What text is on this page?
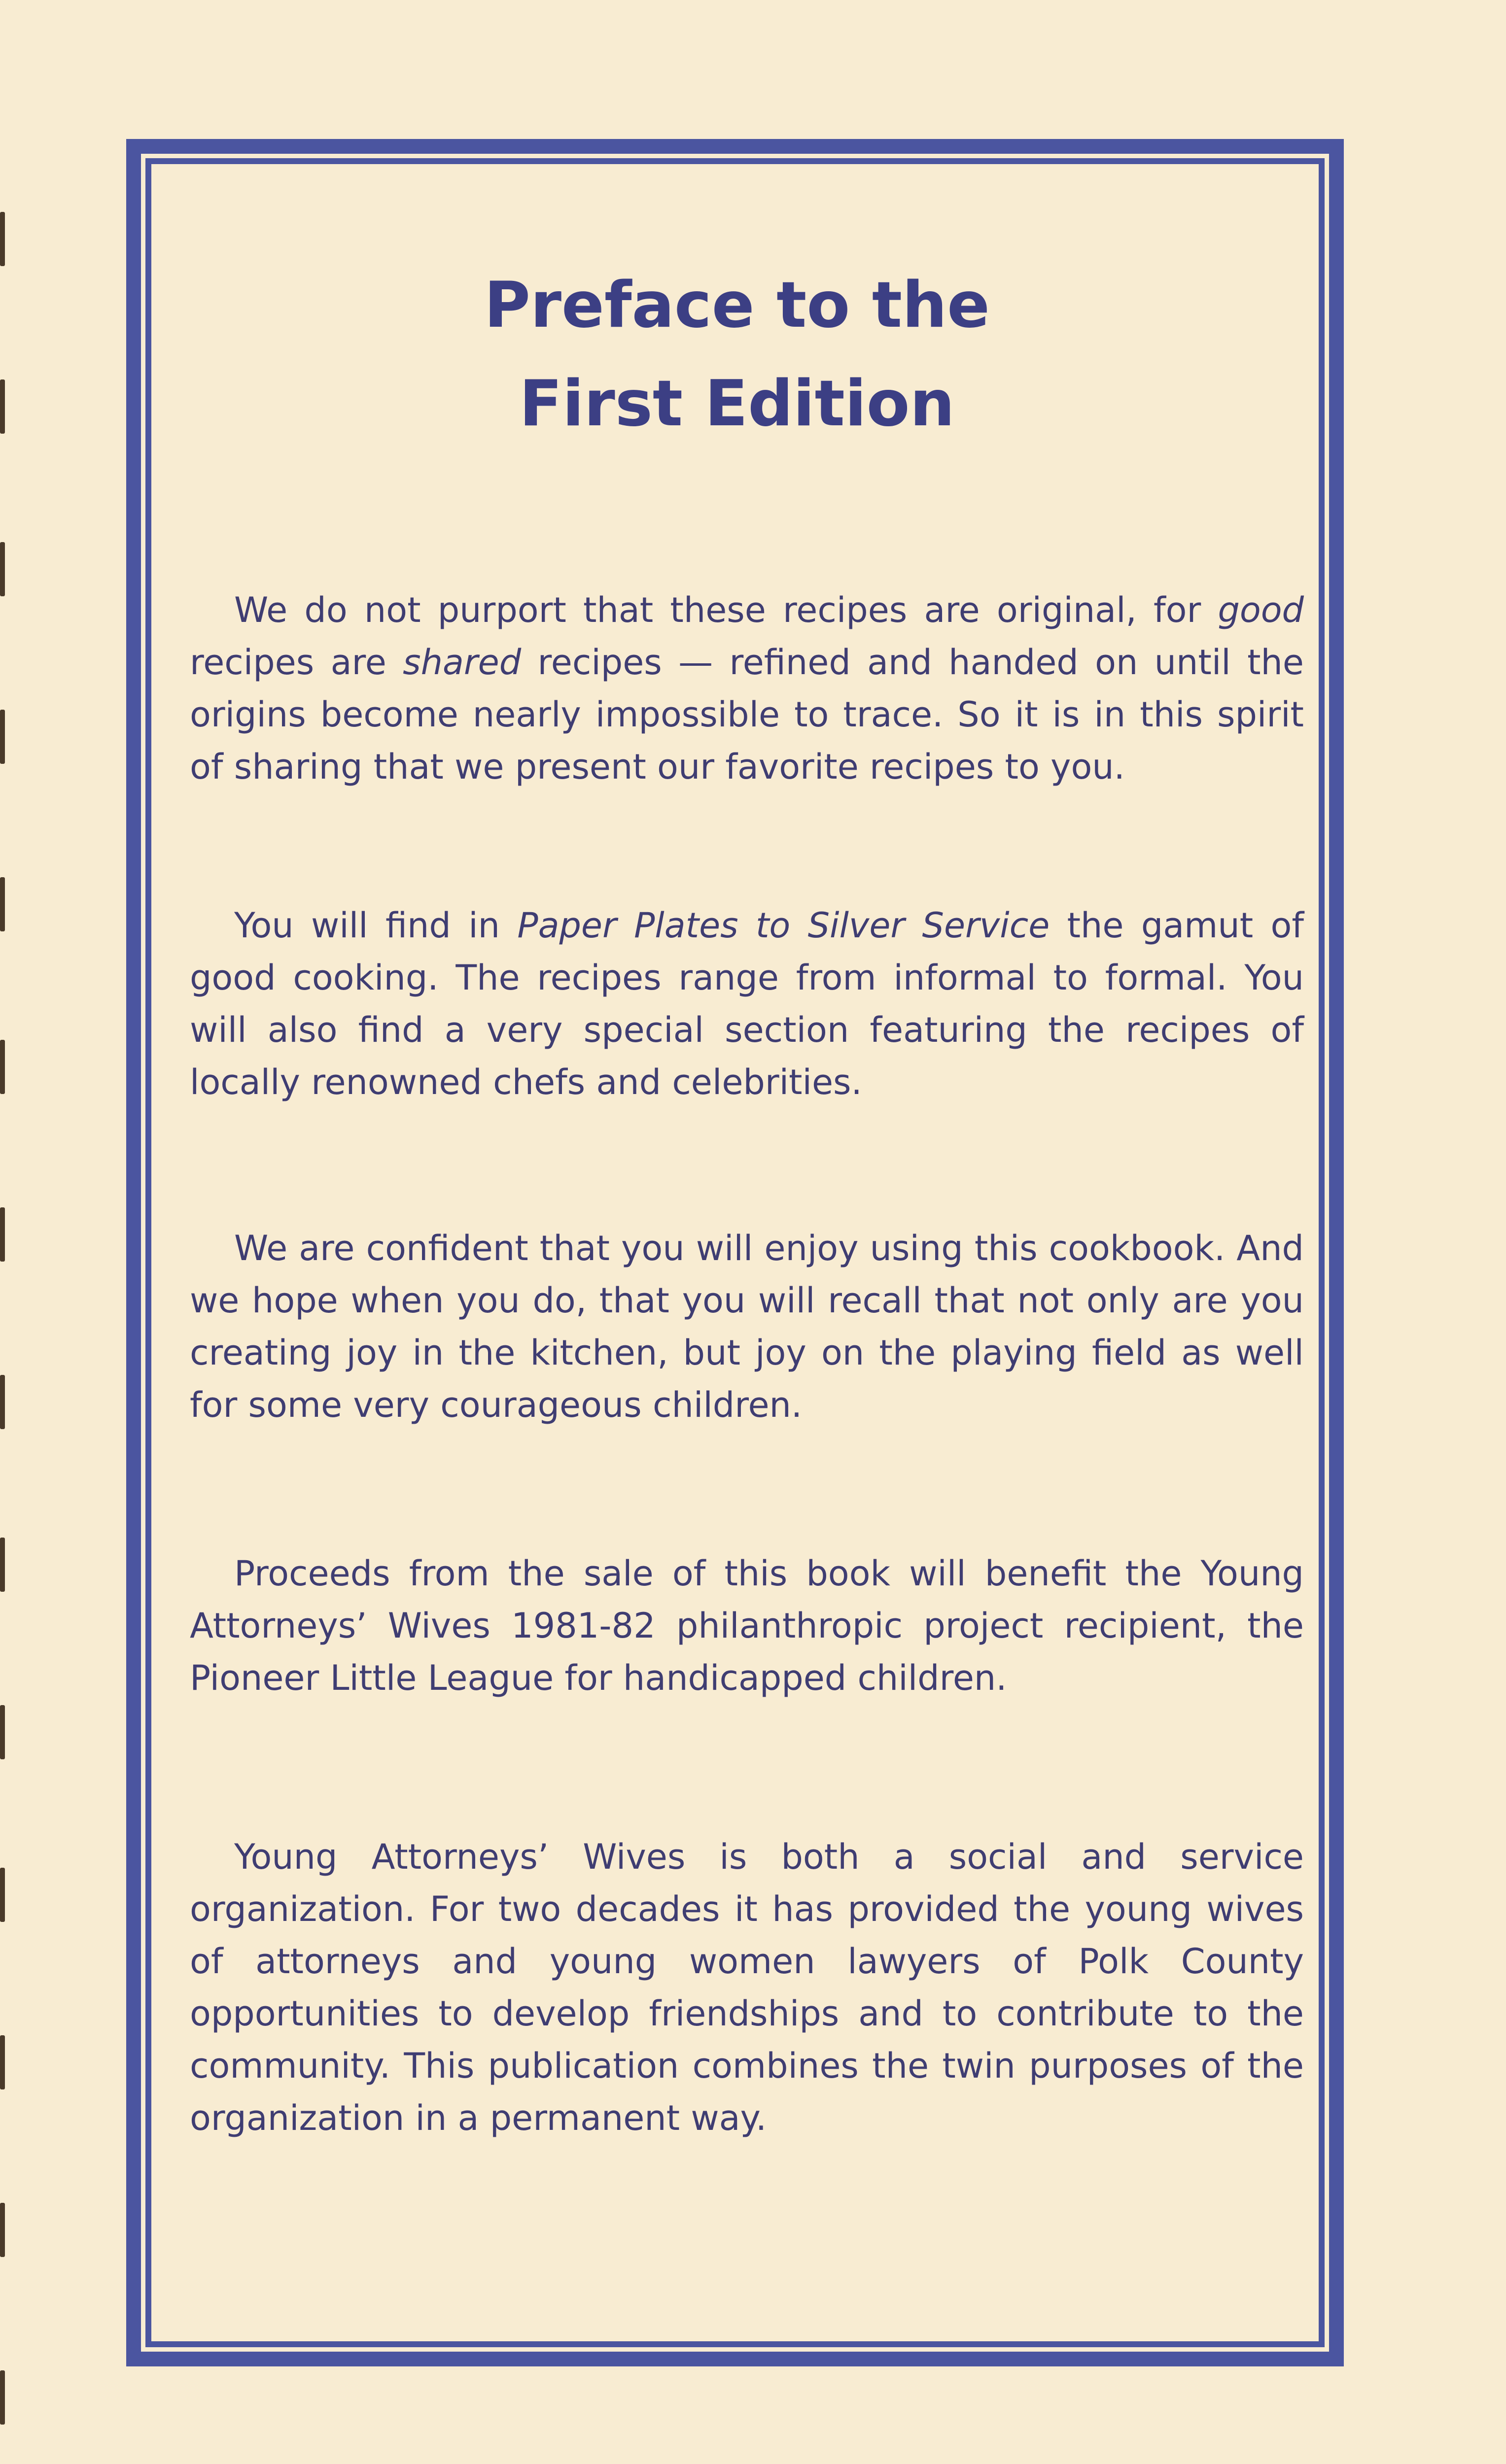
Preface to the
First Edition

We do not purport that these recipes are original, for good recipes are shared recipes — refined and handed on until the origins become nearly impossible to trace. So it is in this spirit of sharing that we present our favorite recipes to you.

You will find in Paper Plates to Silver Service the gamut of good cooking. The recipes range from informal to formal. You will also find a very special section featuring the recipes of locally renowned chefs and celebrities.

We are confident that you will enjoy using this cookbook. And we hope when you do, that you will recall that not only are you creating joy in the kitchen, but joy on the playing field as well for some very courageous children.

Proceeds from the sale of this book will benefit the Young Attorneys’ Wives 1981-82 philanthropic project recipient, the Pioneer Little League for handicapped children.

Young Attorneys’ Wives is both a social and service organization. For two decades it has provided the young wives of attorneys and young women lawyers of Polk County opportunities to develop friendships and to contribute to the community. This publication combines the twin purposes of the organization in a permanent way.
